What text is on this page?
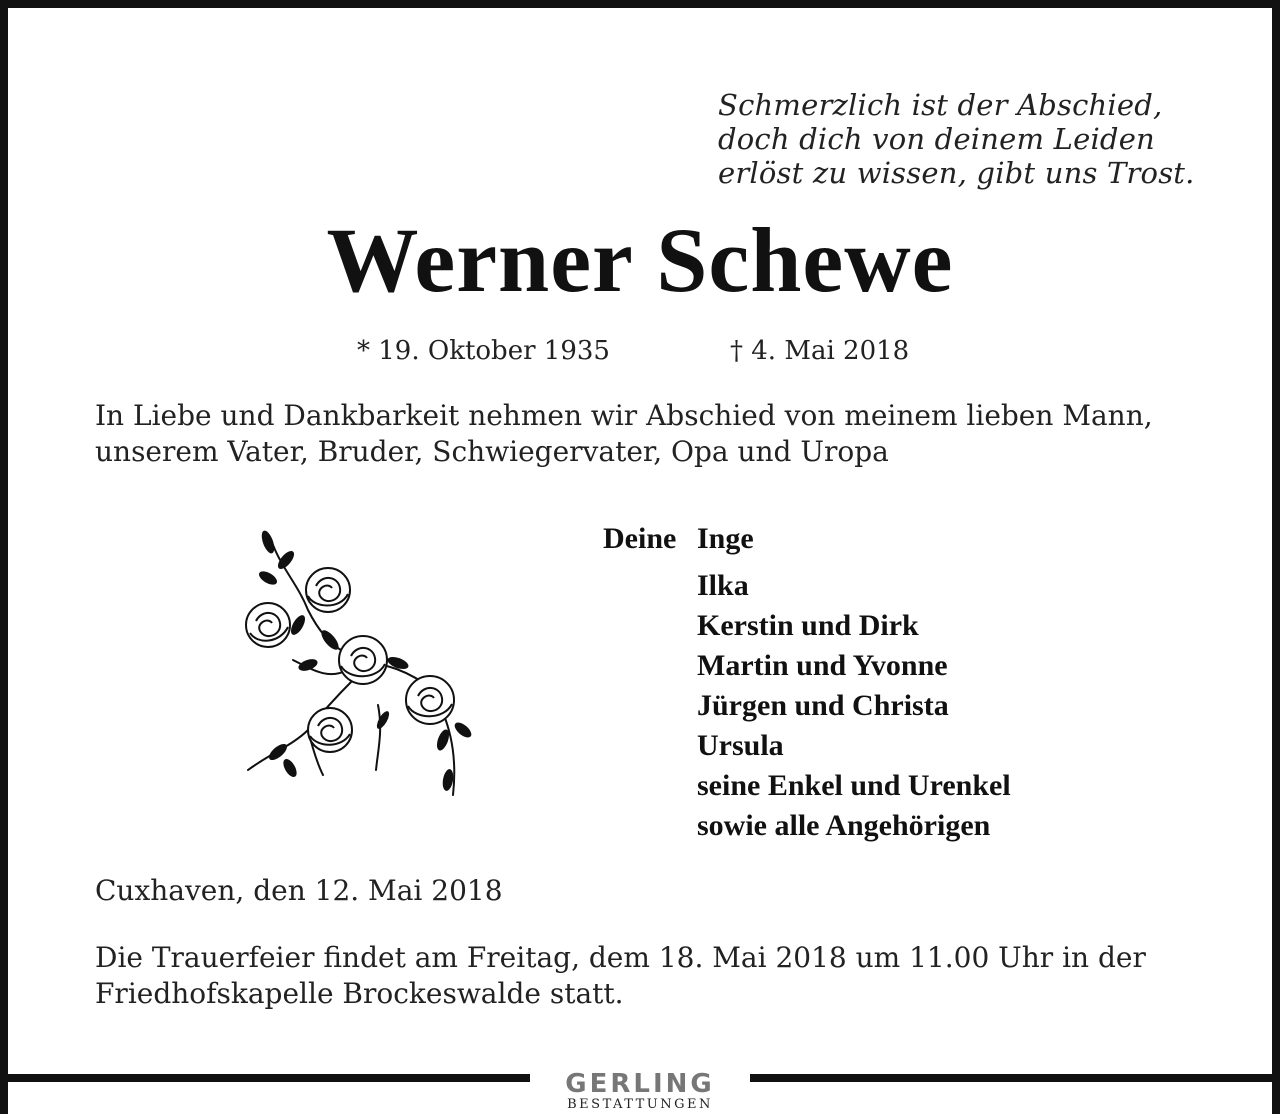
Schmerzlich ist der Abschied,
doch dich von deinem Leiden
erlöst zu wissen, gibt uns Trost.
Werner Schewe
* 19. Oktober 1935	† 4. Mai 2018
In Liebe und Dankbarkeit nehmen wir Abschied von meinem lieben Mann,
unserem Vater, Bruder, Schwiegervater, Opa und Uropa
Deine Inge
Ilka
Kerstin und Dirk
Martin und Yvonne
Jürgen und Christa
Ursula
seine Enkel und Urenkel
sowie alle Angehörigen
Cuxhaven, den 12. Mai 2018
Die Trauerfeier findet am Freitag, dem 18. Mai 2018 um 11.00 Uhr in der
Friedhofskapelle Brockeswalde statt.
GERLING
BESTATTUNGEN
